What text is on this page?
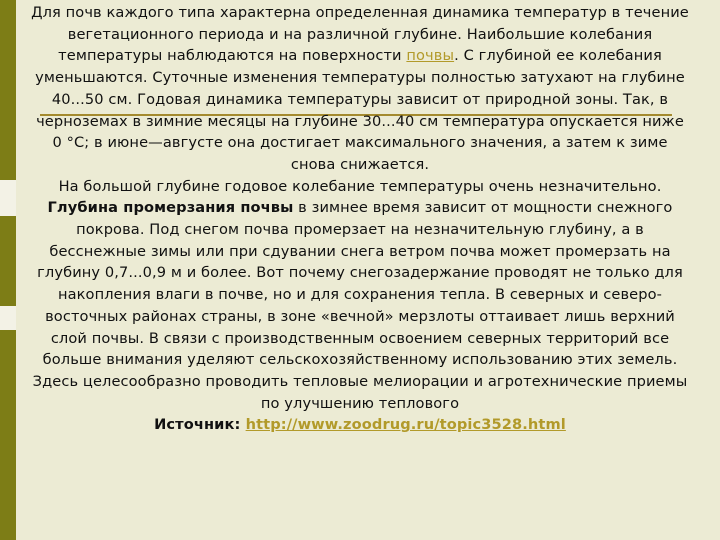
Для почв каждого типа характерна определенная динамика температур в течение вегетационного периода и на различной глубине. Наибольшие колебания температуры наблюдаются на поверхности почвы. С глубиной ее колебания уменьшаются. Суточные изменения температуры полностью затухают на глубине 40...50 см. Годовая динамика температуры зависит от природной зоны. Так, в черноземах в зимние месяцы на глубине 30...40 см температура опускается ниже 0 °С; в июне—августе она достигает максимального значения, а затем к зиме снова снижается.

На большой глубине годовое колебание температуры очень незначительно. Глубина промерзания почвы в зимнее время зависит от мощности снежного покрова. Под снегом почва промерзает на незначительную глубину, а в бесснежные зимы или при сдувании снега ветром почва может промерзать на глубину 0,7...0,9 м и более. Вот почему снегозадержание проводят не только для накопления влаги в почве, но и для сохранения тепла. В северных и северо-восточных районах страны, в зоне «вечной» мерзлоты оттаивает лишь верхний слой почвы. В связи с производственным освоением северных территорий все больше внимания уделяют сельскохозяйственному использованию этих земель. Здесь целесообразно проводить тепловые мелиорации и агротехнические приемы по улучшению теплового

Источник: http://www.zoodrug.ru/topic3528.html
